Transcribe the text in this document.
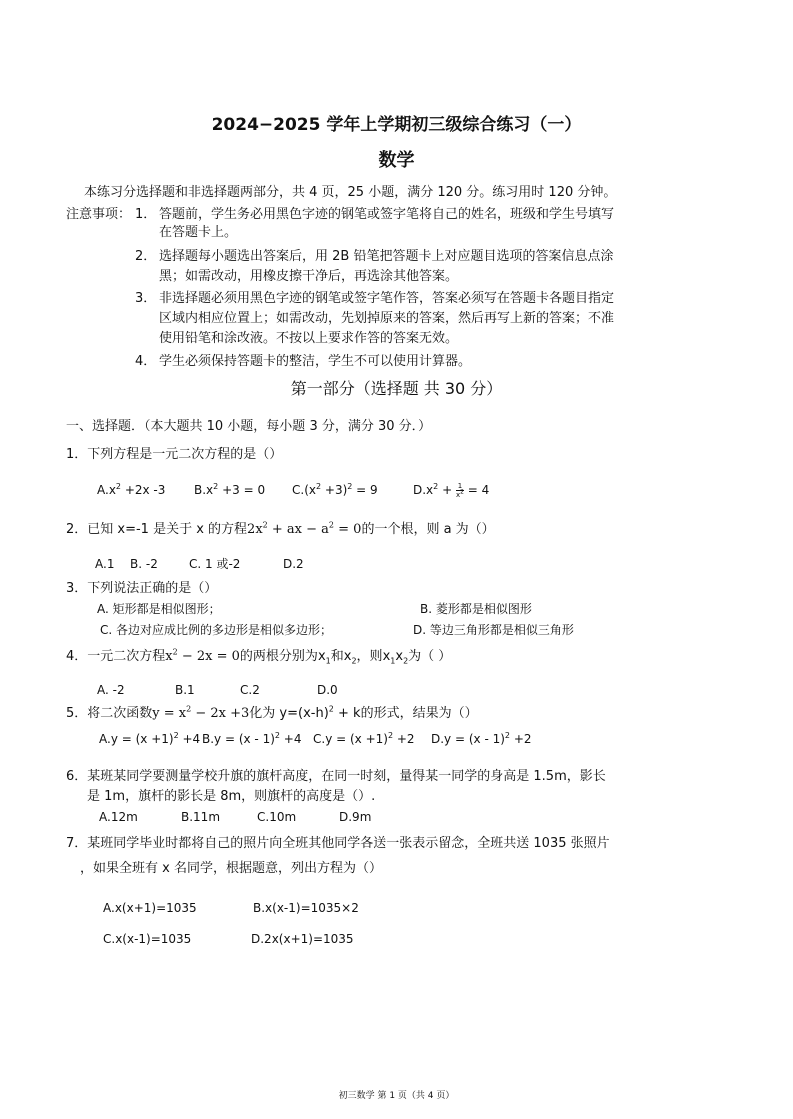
2024−2025 学年上学期初三级综合练习（一）
数学
本练习分选择题和非选择题两部分，共 4 页，25 小题，满分 120 分。练习用时 120 分钟。
注意事项： 1． 答题前，学生务必用黑色字迹的钢笔或签字笔将自己的姓名，班级和学生号填写
在答题卡上。
2． 选择题每小题选出答案后，用 2B 铅笔把答题卡上对应题目选项的答案信息点涂
黑；如需改动，用橡皮擦干净后，再选涂其他答案。
3． 非选择题必须用黑色字迹的钢笔或签字笔作答，答案必须写在答题卡各题目指定
区域内相应位置上；如需改动，先划掉原来的答案，然后再写上新的答案；不准
使用铅笔和涂改液。不按以上要求作答的答案无效。
4． 学生必须保持答题卡的整洁，学生不可以使用计算器。
第一部分（选择题 共 30 分）
一、选择题．（本大题共 10 小题，每小题 3 分，满分 30 分．）
1．下列方程是一元二次方程的是（）
$A.x^2 +2x$ -3 $B.x^2 +3 = 0$ $C.(x^2 +3)^2 = 9$	$D.x^2 + \frac{1}{x^2} = 4$
2．已知 x=-1 是关于 x 的方程$2x^2$ + ax − $a^2 = 0$的一个根，则 a 为（）
A.1 B. -2	C. 1 或-2	D.2
3．下列说法正确的是（）
A. 矩形都是相似图形；	B. 菱形都是相似图形
C. 各边对应成比例的多边形是相似多边形；	D. 等边三角形都是相似三角形
4．一元二次方程$x^2 - 2x = 0$的两根分别为$x_1$和$x_2$，则$x_1x_2$为（ ）
A. -2	B.1	C.2	D.0
5．将二次函数$y = x^2 - 2x +3$化为 $y=(x-h)^2 + k$的形式，结果为（）
$A.y = (x +1)^2 +4$ B.y = (x - 1)$^2$ +4 $C.y = (x +1)^2 +2$ D.y = (x - 1)$^2$ +2
6．某班某同学要测量学校升旗的旗杆高度，在同一时刻，量得某一同学的身高是 1.5m，影长
是 1m，旗杆的影长是 8m，则旗杆的高度是（）.
A.12m	B.11m	C.10m	D.9m
7．某班同学毕业时都将自己的照片向全班其他同学各送一张表示留念，全班共送 1035 张照片
，如果全班有 x 名同学，根据题意，列出方程为（）
A.x(x+1)=1035	B.x(x-1)=1035×2
C.x(x-1)=1035	D.2x(x+1)=1035
初三数学 第 1 页（共 4 页）
